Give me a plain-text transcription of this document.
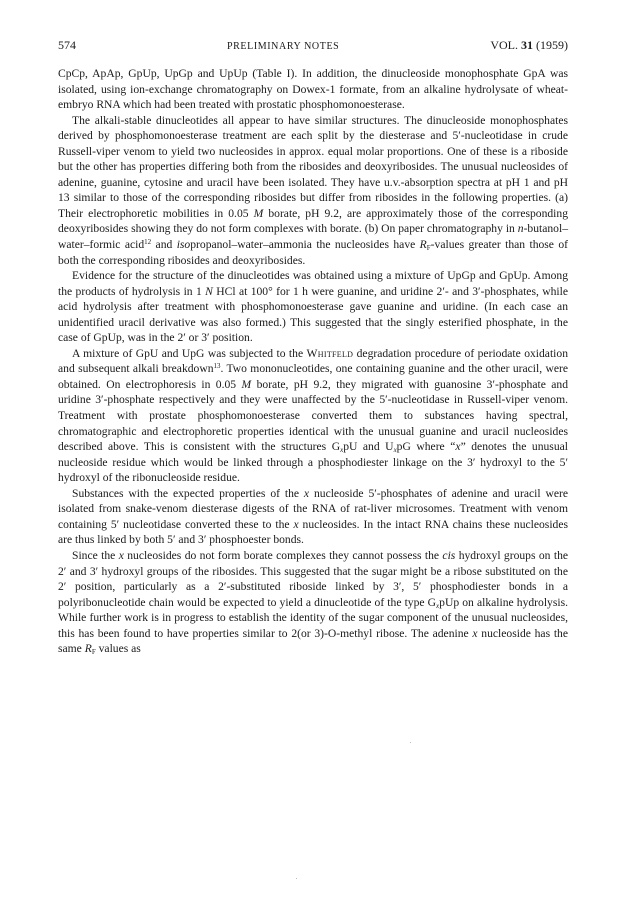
574	PRELIMINARY NOTES	VOL. 31 (1959)

CpCp, ApAp, GpUp, UpGp and UpUp (Table I). In addition, the dinucleoside monophosphate GpA was isolated, using ion-exchange chromatography on Dowex-1 formate, from an alkaline hydrolysate of wheat-embryo RNA which had been treated with prostatic phosphomonoesterase.

The alkali-stable dinucleotides all appear to have similar structures. The dinucleoside monophosphates derived by phosphomonoesterase treatment are each split by the diesterase and 5′-nucleotidase in crude Russell-viper venom to yield two nucleosides in approx. equal molar proportions. One of these is a riboside but the other has properties differing both from the ribosides and deoxyribosides. The unusual nucleosides of adenine, guanine, cytosine and uracil have been isolated. They have u.v.-absorption spectra at pH 1 and pH 13 similar to those of the corresponding ribosides but differ from ribosides in the following properties. (a) Their electrophoretic mobilities in 0.05 M borate, pH 9.2, are approximately those of the corresponding deoxyribosides showing they do not form complexes with borate. (b) On paper chromatography in n-butanol–water–formic acid$^{12}$ and isopropanol–water–ammonia the nucleosides have $R_F$-values greater than those of both the corresponding ribosides and deoxyribosides.

Evidence for the structure of the dinucleotides was obtained using a mixture of UpGp and GpUp. Among the products of hydrolysis in 1 N HCl at 100° for 1 h were guanine, and uridine 2′- and 3′-phosphates, while acid hydrolysis after treatment with phosphomonoesterase gave guanine and uridine. (In each case an unidentified uracil derivative was also formed.) This suggested that the singly esterified phosphate, in the case of GpUp, was in the 2′ or 3′ position.

A mixture of GpU and UpG was subjected to the Whitfeld degradation procedure of periodate oxidation and subsequent alkali breakdown$^{13}$. Two mononucleotides, one containing guanine and the other uracil, were obtained. On electrophoresis in 0.05 M borate, pH 9.2, they migrated with guanosine 3′-phosphate and uridine 3′-phosphate respectively and they were unaffected by the 5′-nucleotidase in Russell-viper venom. Treatment with prostate phosphomonoesterase converted them to substances having spectral, chromatographic and electrophoretic properties identical with the unusual guanine and uracil nucleosides described above. This is consistent with the structures $G_xpU$ and $U_xpG$ where “x” denotes the unusual nucleoside residue which would be linked through a phosphodiester linkage on the 3′ hydroxyl to the 5′ hydroxyl of the ribonucleoside residue.

Substances with the expected properties of the x nucleoside 5′-phosphates of adenine and uracil were isolated from snake-venom diesterase digests of the RNA of rat-liver microsomes. Treatment with venom containing 5′ nucleotidase converted these to the x nucleosides. In the intact RNA chains these nucleosides are thus linked by both 5′ and 3′ phosphoester bonds.

Since the x nucleosides do not form borate complexes they cannot possess the cis hydroxyl groups on the 2′ and 3′ hydroxyl groups of the ribosides. This suggested that the sugar might be a ribose substituted on the 2′ position, particularly as a 2′-substituted riboside linked by 3′, 5′ phosphodiester bonds in a polyribonucleotide chain would be expected to yield a dinucleotide of the type $G_xpUp$ on alkaline hydrolysis. While further work is in progress to establish the identity of the sugar component of the unusual nucleosides, this has been found to have properties similar to 2(or 3)-O-methyl ribose. The adenine x nucleoside has the same $R_F$ values as
